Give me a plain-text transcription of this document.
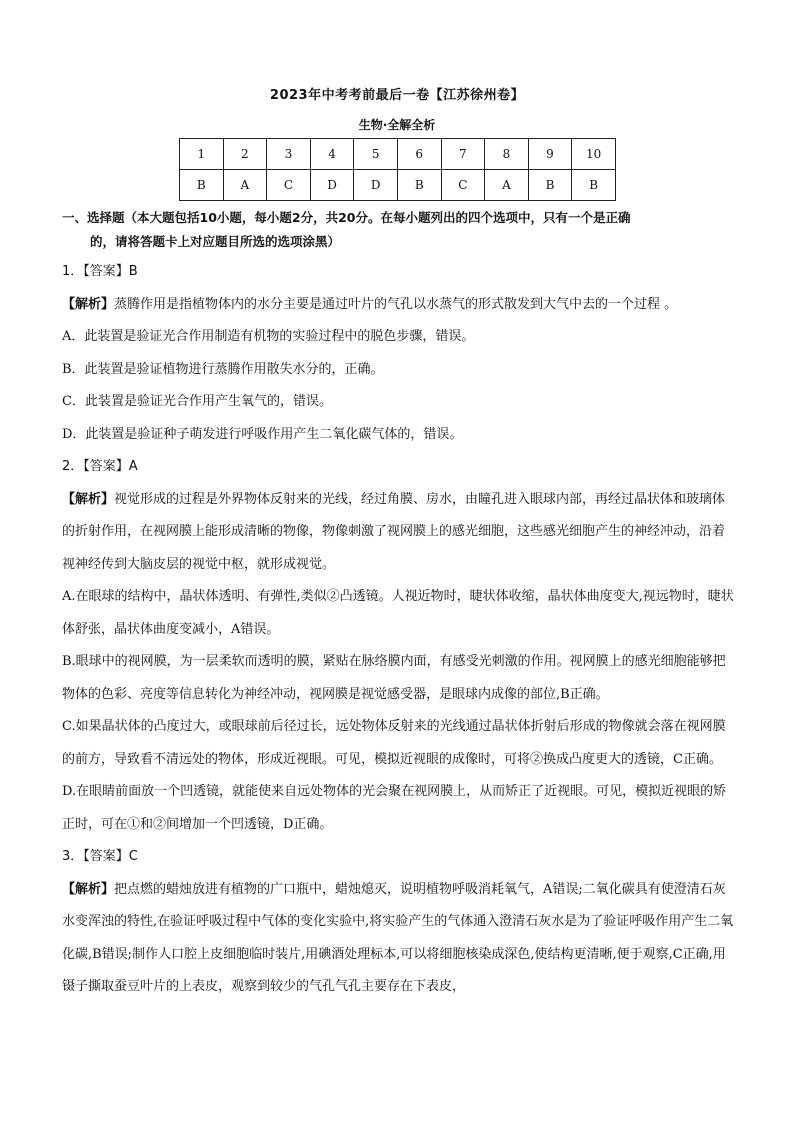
2023年中考考前最后一卷【江苏徐州卷】
生物·全解全析
1	2	3	4	5	6	7	8	9	10
B	A	C	D	D	B	C	A	B	B
一、选择题（本大题包括10小题，每小题2分，共20分。在每小题列出的四个选项中，只有一个是正确
的，请将答题卡上对应题目所选的选项涂黑）

1．【答案】B

【解析】蒸腾作用是指植物体内的水分主要是通过叶片的气孔以水蒸气的形式散发到大气中去的一个过程 。

A．此装置是验证光合作用制造有机物的实验过程中的脱色步骤，错误。

B．此装置是验证植物进行蒸腾作用散失水分的，正确。

C．此装置是验证光合作用产生氧气的，错误。

D．此装置是验证种子萌发进行呼吸作用产生二氧化碳气体的，错误。

2．【答案】A

【解析】视觉形成的过程是外界物体反射来的光线，经过角膜、房水，由瞳孔进入眼球内部，再经过晶状体和玻璃体的折射作用，在视网膜上能形成清晰的物像，物像刺激了视网膜上的感光细胞，这些感光细胞产生的神经冲动，沿着视神经传到大脑皮层的视觉中枢，就形成视觉。

A.在眼球的结构中，晶状体透明、有弹性,类似②凸透镜。人视近物时，睫状体收缩，晶状体曲度变大,视远物时，睫状体舒张，晶状体曲度变减小，A错误。

B.眼球中的视网膜，为一层柔软而透明的膜，紧贴在脉络膜内面，有感受光刺激的作用。视网膜上的感光细胞能够把物体的色彩、亮度等信息转化为神经冲动，视网膜是视觉感受器，是眼球内成像的部位,B正确。

C.如果晶状体的凸度过大，或眼球前后径过长，远处物体反射来的光线通过晶状体折射后形成的物像就会落在视网膜的前方，导致看不清远处的物体，形成近视眼。可见，模拟近视眼的成像时，可将②换成凸度更大的透镜，C正确。

D.在眼睛前面放一个凹透镜，就能使来自远处物体的光会聚在视网膜上，从而矫正了近视眼。可见，模拟近视眼的矫正时，可在①和②间增加一个凹透镜，D正确。

3．【答案】C

【解析】把点燃的蜡烛放进有植物的广口瓶中，蜡烛熄灭，说明植物呼吸消耗氧气，A错误;二氧化碳具有使澄清石灰水变浑浊的特性,在验证呼吸过程中气体的变化实验中,将实验产生的气体通入澄清石灰水是为了验证呼吸作用产生二氧化碳,B错误;制作人口腔上皮细胞临时装片,用碘酒处理标本,可以将细胞核染成深色,使结构更清晰,便于观察,C正确,用镊子撕取蚕豆叶片的上表皮，观察到较少的气孔气孔主要存在下表皮，
